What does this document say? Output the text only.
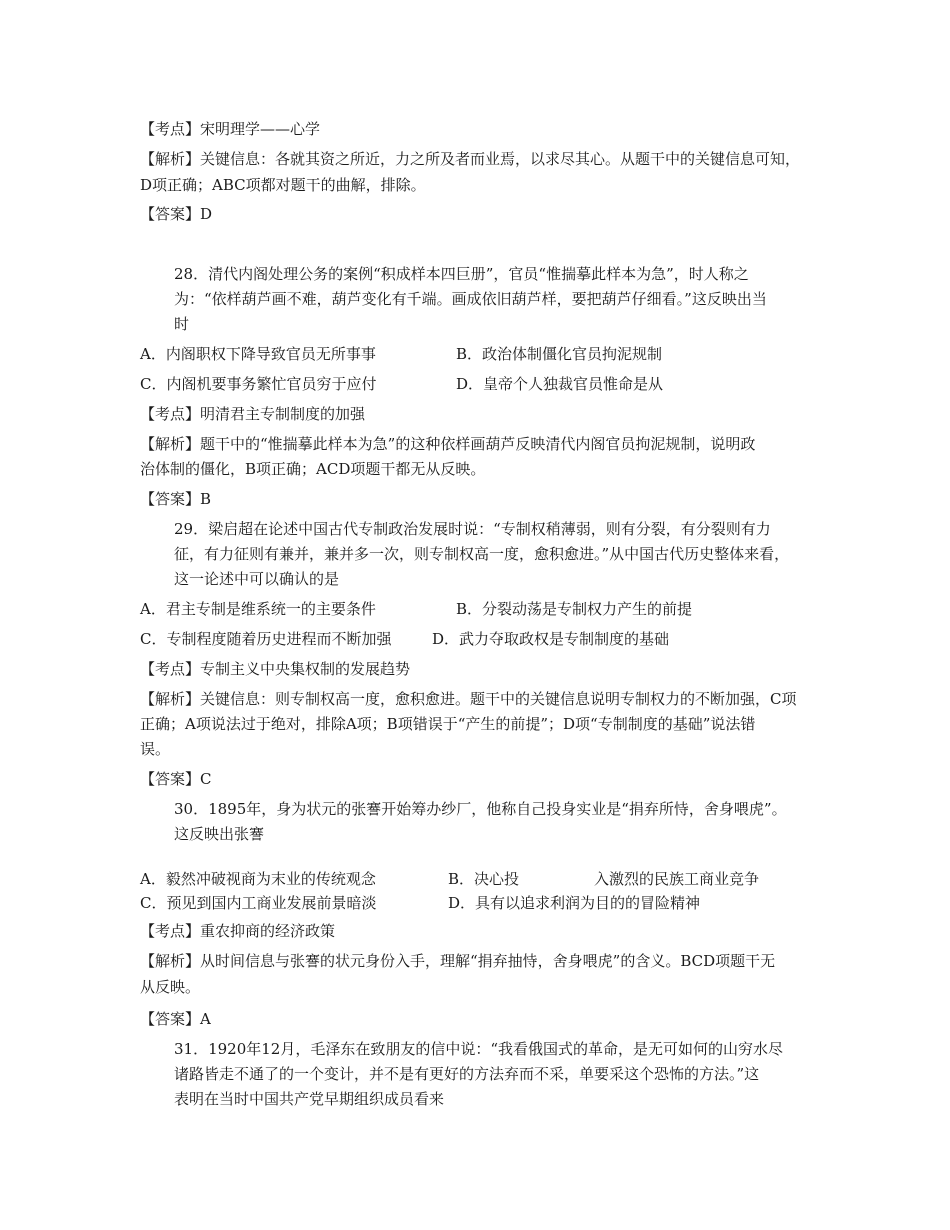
【考点】宋明理学——心学
【解析】关键信息：各就其资之所近，力之所及者而业焉，以求尽其心。从题干中的关键信息可知，
D项正确；ABC项都对题干的曲解，排除。
【答案】D
28．清代内阁处理公务的案例“积成样本四巨册”，官员“惟揣摹此样本为急”，时人称之
为：“依样葫芦画不难，葫芦变化有千端。画成依旧葫芦样，要把葫芦仔细看。”这反映出当
时
A．内阁职权下降导致官员无所事事	B．政治体制僵化官员拘泥规制
C．内阁机要事务繁忙官员穷于应付	D．皇帝个人独裁官员惟命是从
【考点】明清君主专制制度的加强
【解析】题干中的“惟揣摹此样本为急”的这种依样画葫芦反映清代内阁官员拘泥规制，说明政
治体制的僵化，B项正确；ACD项题干都无从反映。
【答案】B
29．梁启超在论述中国古代专制政治发展时说：“专制权稍薄弱，则有分裂，有分裂则有力
征，有力征则有兼并，兼并多一次，则专制权高一度，愈积愈进。”从中国古代历史整体来看，
这一论述中可以确认的是
A．君主专制是维系统一的主要条件	B．分裂动荡是专制权力产生的前提
C．专制程度随着历史进程而不断加强	D．武力夺取政权是专制制度的基础
【考点】专制主义中央集权制的发展趋势
【解析】关键信息：则专制权高一度，愈积愈进。题干中的关键信息说明专制权力的不断加强，C项
正确；A项说法过于绝对，排除A项；B项错误于“产生的前提”；D项“专制制度的基础”说法错
误。
【答案】C
30．1895年，身为状元的张謇开始筹办纱厂，他称自己投身实业是“捐弃所恃，舍身喂虎”。
这反映出张謇
A．毅然冲破视商为末业的传统观念	B．决心投	入激烈的民族工商业竞争
C．预见到国内工商业发展前景暗淡	D．具有以追求利润为目的的冒险精神
【考点】重农抑商的经济政策
【解析】从时间信息与张謇的状元身份入手，理解“捐弃抽恃，舍身喂虎”的含义。BCD项题干无
从反映。
【答案】A
31．1920年12月，毛泽东在致朋友的信中说：“我看俄国式的革命，是无可如何的山穷水尽
诸路皆走不通了的一个变计，并不是有更好的方法弃而不采，单要采这个恐怖的方法。”这
表明在当时中国共产党早期组织成员看来
